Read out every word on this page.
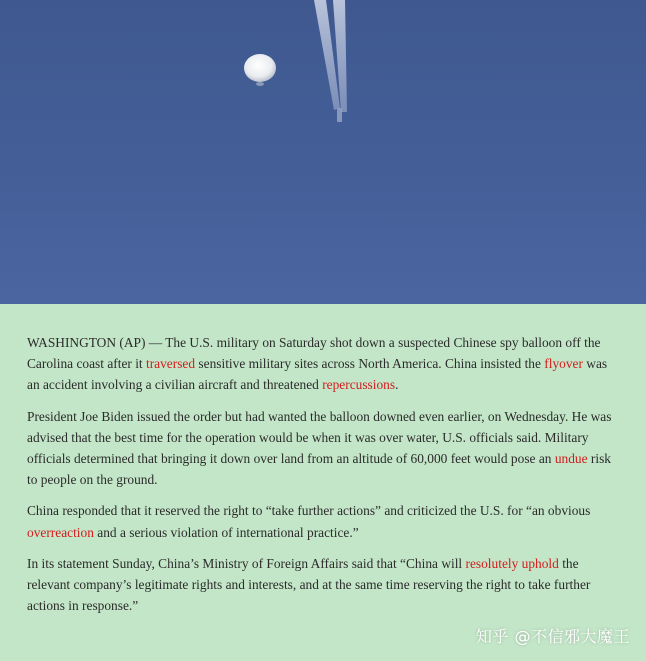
WASHINGTON (AP) — The U.S. military on Saturday shot down a suspected Chinese spy balloon off the Carolina coast after it traversed sensitive military sites across North America. China insisted the flyover was an accident involving a civilian aircraft and threatened repercussions.

President Joe Biden issued the order but had wanted the balloon downed even earlier, on Wednesday. He was advised that the best time for the operation would be when it was over water, U.S. officials said. Military officials determined that bringing it down over land from an altitude of 60,000 feet would pose an undue risk to people on the ground.

China responded that it reserved the right to “take further actions” and criticized the U.S. for “an obvious overreaction and a serious violation of international practice.”

In its statement Sunday, China’s Ministry of Foreign Affairs said that “China will resolutely uphold the relevant company’s legitimate rights and interests, and at the same time reserving the right to take further actions in response.”

知乎 @不信邪大魔王
